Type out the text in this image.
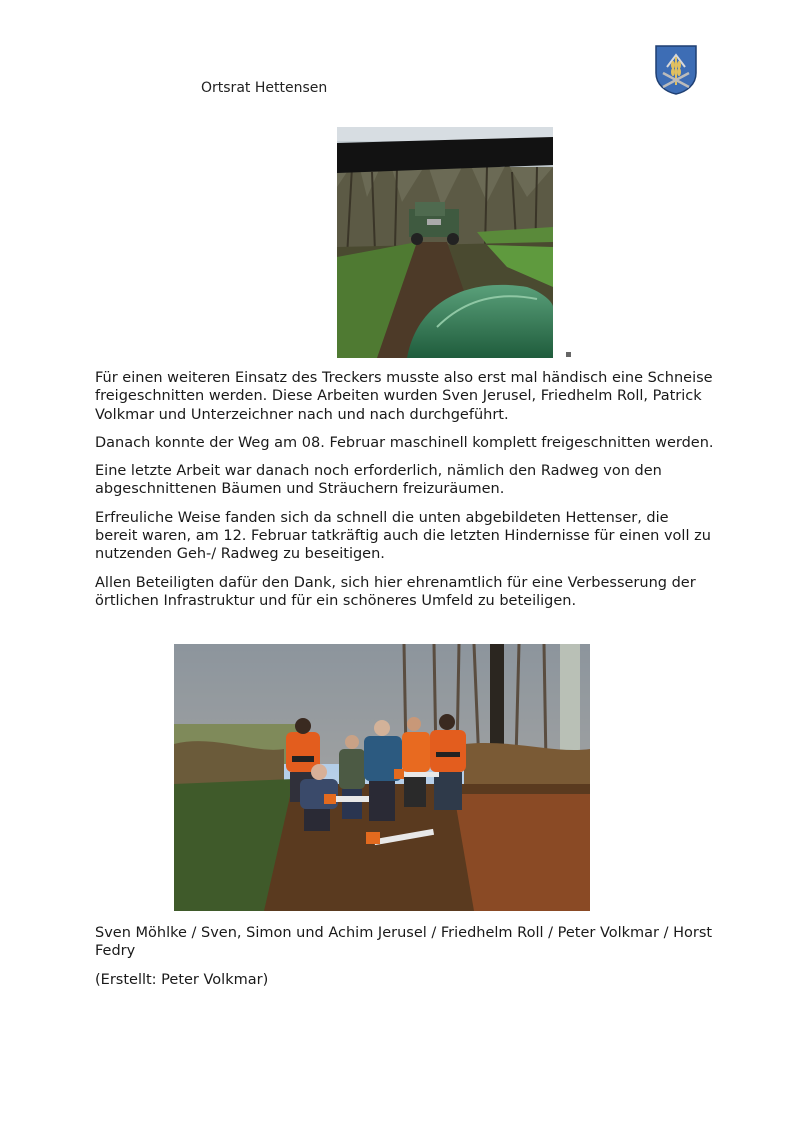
Ortsrat Hettensen

Für einen weiteren Einsatz des Treckers musste also erst mal händisch eine Schneise freigeschnitten werden. Diese Arbeiten wurden Sven Jerusel, Friedhelm Roll, Patrick Volkmar und Unterzeichner nach und nach durchgeführt.

Danach konnte der Weg am 08. Februar maschinell komplett freigeschnitten werden.

Eine letzte Arbeit war danach noch erforderlich, nämlich den Radweg von den abgeschnittenen Bäumen und Sträuchern freizuräumen.

Erfreuliche Weise fanden sich da schnell die unten abgebildeten Hettenser, die bereit waren, am 12. Februar tatkräftig auch die letzten Hindernisse für einen voll zu nutzenden Geh-/ Radweg zu beseitigen.

Allen Beteiligten dafür den Dank, sich hier ehrenamtlich für eine Verbesserung der örtlichen Infrastruktur und für ein schöneres Umfeld zu beteiligen.

Sven Möhlke / Sven, Simon und Achim Jerusel / Friedhelm Roll / Peter Volkmar / Horst Fedry

(Erstellt: Peter Volkmar)
